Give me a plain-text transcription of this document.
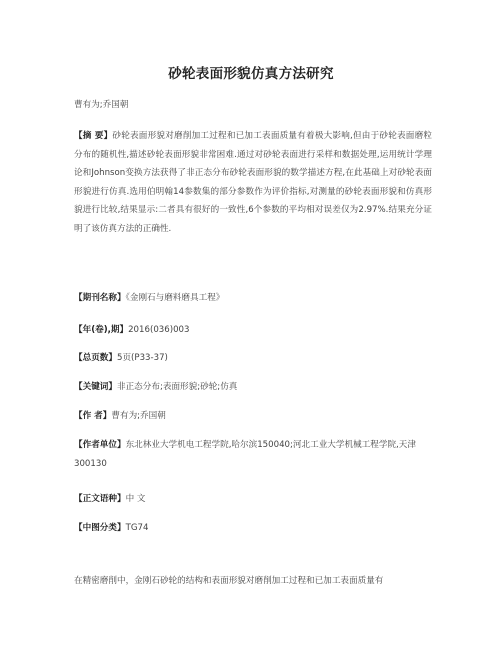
砂轮表面形貌仿真方法研究
曹有为;乔国朝
【摘 要】砂轮表面形貌对磨削加工过程和已加工表面质量有着极大影响,但由于砂轮表面磨粒分布的随机性,描述砂轮表面形貌非常困难.通过对砂轮表面进行采样和数据处理,运用统计学理论和Johnson变换方法获得了非正态分布砂轮表面形貌的数学描述方程,在此基础上对砂轮表面形貌进行仿真.选用伯明翰14参数集的部分参数作为评价指标,对测量的砂轮表面形貌和仿真形貌进行比较,结果显示:二者具有很好的一致性,6个参数的平均相对误差仅为2.97%.结果充分证明了该仿真方法的正确性.
【期刊名称】《金刚石与磨料磨具工程》
【年(卷),期】2016(036)003
【总页数】5页(P33-37)
【关键词】非正态分布;表面形貌;砂轮;仿真
【作 者】曹有为;乔国朝
【作者单位】东北林业大学机电工程学院,哈尔滨150040;河北工业大学机械工程学院,天津300130
【正文语种】中 文
【中图分类】TG74
在精密磨削中，金刚石砂轮的结构和表面形貌对磨削加工过程和已加工表面质量有
